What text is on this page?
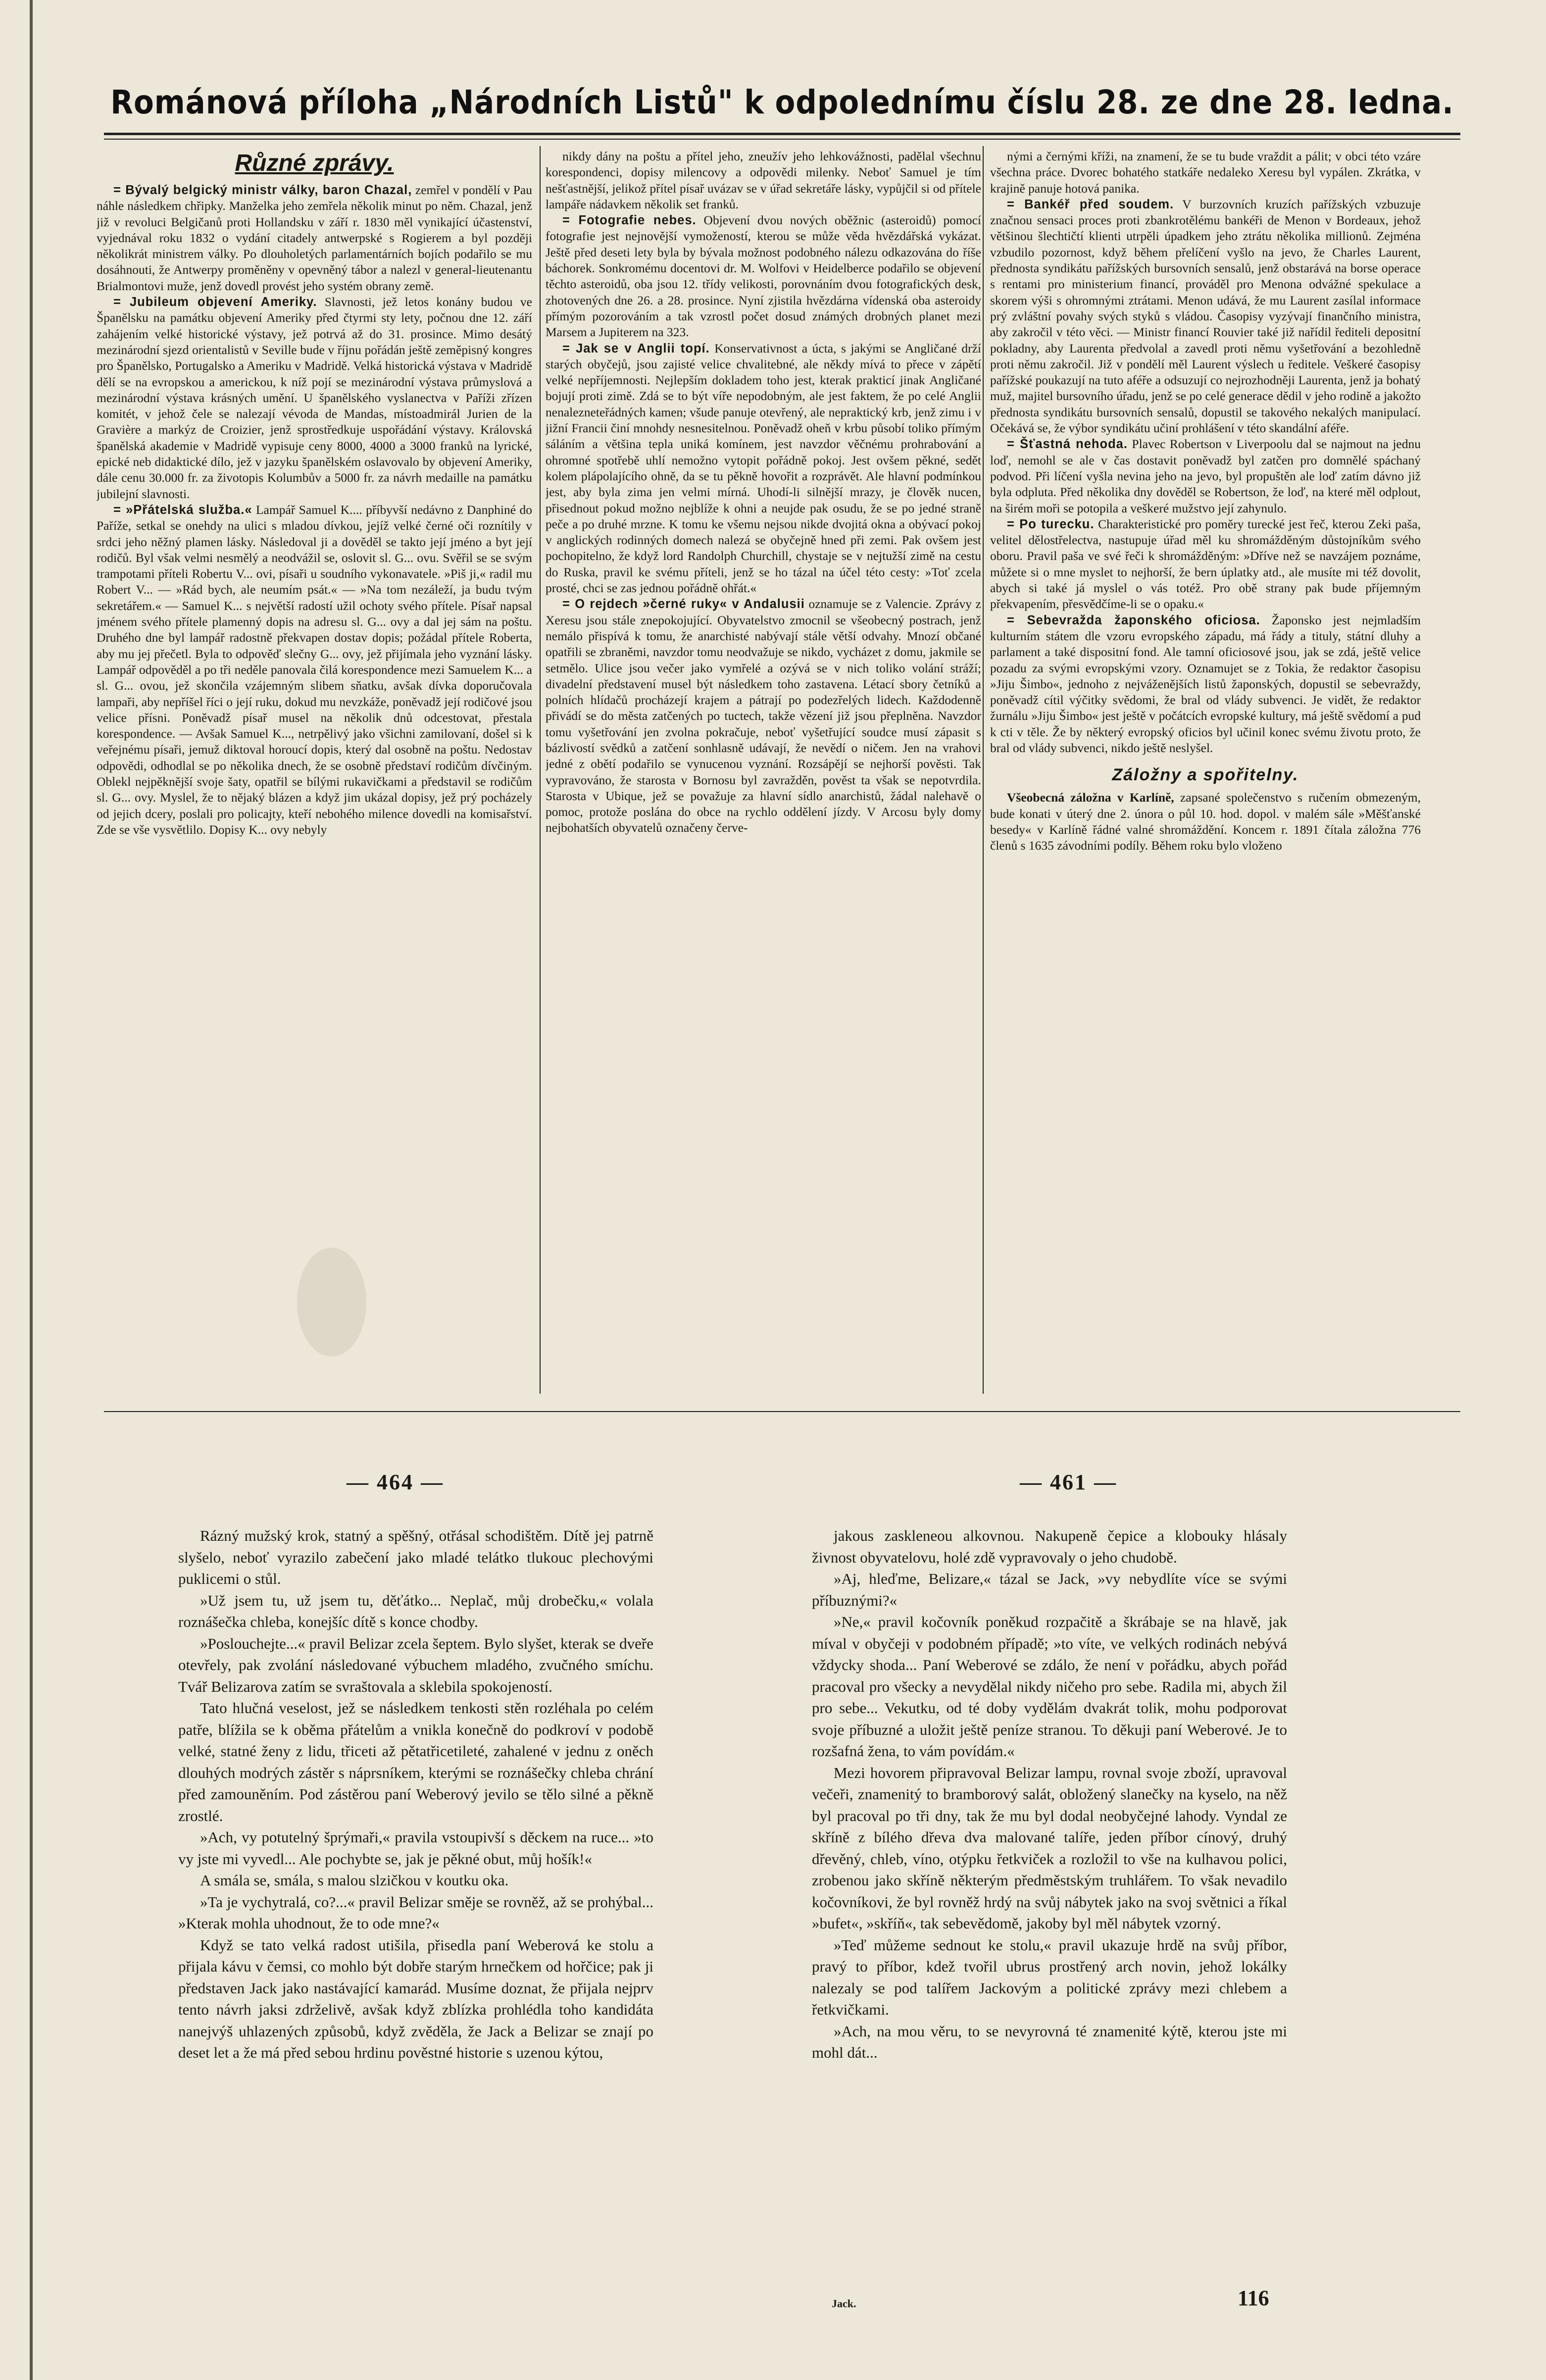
Románová příloha „Národních Listů" k odpolednímu číslu 28. ze dne 28. ledna.
Různé zprávy.

= Bývalý belgický ministr války, baron Chazal, zemřel v pondělí v Pau náhle následkem chřipky. Manželka jeho zemřela několik minut po něm. Chazal, jenž již v revoluci Belgičanů proti Hollandsku v září r. 1830 měl vynikající účastenství, vyjednával roku 1832 o vydání citadely antwerpské s Rogierem a byl později několikrát ministrem války. Po dlouholetých parlamentárních bojích podařilo se mu dosáhnouti, že Antwerpy proměněny v opevněný tábor a nalezl v general-lieutenantu Brialmontovi muže, jenž dovedl provést jeho systém obrany země.

= Jubileum objevení Ameriky. Slavnosti, jež letos konány budou ve Španělsku na památku objevení Ameriky před čtyrmi sty lety, počnou dne 12. září zahájením velké historické výstavy, jež potrvá až do 31. prosince. Mimo desátý mezinárodní sjezd orientalistů v Seville bude v říjnu pořádán ještě zeměpisný kongres pro Španělsko, Portugalsko a Ameriku v Madridě. Velká historická výstava v Madridě dělí se na evropskou a americkou, k níž pojí se mezinárodní výstava průmyslová a mezinárodní výstava krásných umění. U španělského vyslanectva v Paříži zřízen komitét, v jehož čele se nalezají vévoda de Mandas, místoadmirál Jurien de la Gravière a markýz de Croizier, jenž sprostředkuje uspořádání výstavy. Královská španělská akademie v Madridě vypisuje ceny 8000, 4000 a 3000 franků na lyrické, epické neb didaktické dílo, jež v jazyku španělském oslavovalo by objevení Ameriky, dále cenu 30.000 fr. za životopis Kolumbův a 5000 fr. za návrh medaille na památku jubilejní slavnosti.

= »Přátelská služba.« Lampář Samuel K.... příbyvší nedávno z Danphiné do Paříže, setkal se onehdy na ulici s mladou dívkou, jejíž velké černé oči roznítily v srdci jeho něžný plamen lásky. Následoval ji a dověděl se takto její jméno a byt její rodičů. Byl však velmi nesmělý a neodvážil se, oslovit sl. G... ovu. Svěřil se se svým trampotami příteli Robertu V... ovi, písaři u soudního vykonavatele. »Piš ji,« radil mu Robert V... — »Rád bych, ale neumím psát.« — »Na tom nezáleží, ja budu tvým sekretářem.« — Samuel K... s největší radostí užil ochoty svého přítele. Písař napsal jménem svého přítele plamenný dopis na adresu sl. G... ovy a dal jej sám na poštu. Druhého dne byl lampář radostně překvapen dostav dopis; požádal přítele Roberta, aby mu jej přečetl. Byla to odpověď slečny G... ovy, jež přijímala jeho vyznání lásky. Lampář odpověděl a po tři neděle panovala čilá korespondence mezi Samuelem K... a sl. G... ovou, jež skončila vzájemným slibem sňatku, avšak dívka doporučovala lampaři, aby nepříšel říci o její ruku, dokud mu nevzkáže, poněvadž její rodičové jsou velice přísni. Poněvadž písař musel na několik dnů odcestovat, přestala korespondence. — Avšak Samuel K..., netrpělivý jako všichni zamilovaní, došel si k veřejnému písaři, jemuž diktoval horoucí dopis, který dal osobně na poštu. Nedostav odpovědi, odhodlal se po několika dnech, že se osobně představí rodičům dívčiným. Oblekl nejpěknější svoje šaty, opatřil se bílými rukavičkami a představil se rodičům sl. G... ovy. Myslel, že to nějaký blázen a když jim ukázal dopisy, jež prý pocházely od jejich dcery, poslali pro policajty, kteří nebohého milence dovedli na komisařství. Zde se vše vysvětlilo. Dopisy K... ovy nebyly

nikdy dány na poštu a přítel jeho, zneužív jeho lehkovážnosti, padělal všechnu korespondenci, dopisy milencovy a odpovědi milenky. Neboť Samuel je tím nešťastnější, jelikož přítel písař uvázav se v úřad sekretáře lásky, vypůjčil si od přítele lampáře nádavkem několik set franků.

= Fotografie nebes. Objevení dvou nových oběžnic (asteroidů) pomocí fotografie jest nejnovější vymožeností, kterou se může věda hvězdářská vykázat. Ještě před deseti lety byla by bývala možnost podobného nálezu odkazována do říše báchorek. Sonkromému docentovi dr. M. Wolfovi v Heidelberce podařilo se objevení těchto asteroidů, oba jsou 12. třídy velikosti, porovnáním dvou fotografických desk, zhotovených dne 26. a 28. prosince. Nyní zjistila hvězdárna vídenská oba asteroidy přímým pozorováním a tak vzrostl počet dosud známých drobných planet mezi Marsem a Jupiterem na 323.

= Jak se v Anglii topí. Konservativnost a úcta, s jakými se Angličané drží starých obyčejů, jsou zajisté velice chvalitebné, ale někdy mívá to přece v zápětí velké nepříjemnosti. Nejlepším dokladem toho jest, kterak prakticí jinak Angličané bojují proti zimě. Zdá se to být víře nepodobným, ale jest faktem, že po celé Anglii nenalezneteřádných kamen; všude panuje otevřený, ale nepraktický krb, jenž zimu i v jižní Francii činí mnohdy nesnesitelnou. Poněvadž oheň v krbu působí toliko přímým sáláním a většina tepla uniká komínem, jest navzdor věčnému prohrabování a ohromné spotřebě uhlí nemožno vytopit pořádně pokoj. Jest ovšem pěkné, sedět kolem plápolajícího ohně, da se tu pěkně hovořit a rozprávět. Ale hlavní podmínkou jest, aby byla zima jen velmi mírná. Uhodí-li silnější mrazy, je člověk nucen, přisednout pokud možno nejblíže k ohni a neujde pak osudu, že se po jedné straně peče a po druhé mrzne. K tomu ke všemu nejsou nikde dvojitá okna a obývací pokoj v anglických rodinných domech nalezá se obyčejně hned při zemi. Pak ovšem jest pochopitelno, že když lord Randolph Churchill, chystaje se v nejtužší zimě na cestu do Ruska, pravil ke svému příteli, jenž se ho tázal na účel této cesty: »Toť zcela prosté, chci se zas jednou pořádně ohřát.«

= O rejdech »černé ruky« v Andalusii oznamuje se z Valencie. Zprávy z Xeresu jsou stále znepokojující. Obyvatelstvo zmocnil se všeobecný postrach, jenž nemálo přispívá k tomu, že anarchisté nabývají stále větší odvahy. Mnozí občané opatřili se zbraněmi, navzdor tomu neodvažuje se nikdo, vycházet z domu, jakmile se setmělo. Ulice jsou večer jako vymřelé a ozývá se v nich toliko volání stráží; divadelní představení musel být následkem toho zastavena. Létací sbory četníků a polních hlídačů procházejí krajem a pátrají po podezřelých lidech. Každodenně přivádí se do města zatčených po tuctech, takže vězení již jsou přeplněna. Navzdor tomu vyšetřování jen zvolna pokračuje, neboť vyšetřující soudce musí zápasit s bázlivostí svědků a zatčení sonhlasně udávají, že nevědí o ničem. Jen na vrahovi jedné z obětí podařilo se vynucenou vyznání. Rozsápějí se nejhorší pověsti. Tak vypravováno, že starosta v Bornosu byl zavražděn, pověst ta však se nepotvrdila. Starosta v Ubique, jež se považuje za hlavní sídlo anarchistů, žádal nalehavě o pomoc, protože poslána do obce na rychlo oddělení jízdy. V Arcosu byly domy nejbohatších obyvatelů označeny červe-

nými a černými kříži, na znamení, že se tu bude vraždit a pálit; v obci této vzáre všechna práce. Dvorec bohatého statkáře nedaleko Xeresu byl vypálen. Zkrátka, v krajině panuje hotová panika.

= Bankéř před soudem. V burzovních kruzích pařížských vzbuzuje značnou sensaci proces proti zbankrotělému bankéři de Menon v Bordeaux, jehož většinou šlechtičtí klienti utrpěli úpadkem jeho ztrátu několika millionů. Zejména vzbudilo pozornost, když během přelíčení vyšlo na jevo, že Charles Laurent, přednosta syndikátu pařížských bursovních sensalů, jenž obstarává na borse operace s rentami pro ministerium financí, prováděl pro Menona odvážné spekulace a skorem výši s ohromnými ztrátami. Menon udává, že mu Laurent zasílal informace prý zvláštní povahy svých styků s vládou. Časopisy vyzývají finančního ministra, aby zakročil v této věci. — Ministr financí Rouvier také již nařídil řediteli depositní pokladny, aby Laurenta předvolal a zavedl proti němu vyšetřování a bezohledně proti němu zakročil. Již v pondělí měl Laurent výslech u ředitele. Veškeré časopisy pařížské poukazují na tuto aféře a odsuzují co nejrozhodněji Laurenta, jenž ja bohatý muž, majitel bursovního úřadu, jenž se po celé generace dědil v jeho rodině a jakožto přednosta syndikátu bursovních sensalů, dopustil se takového nekalých manipulací. Očekává se, že výbor syndikátu učiní prohlášení v této skandální aféře.

= Šťastná nehoda. Plavec Robertson v Liverpoolu dal se najmout na jednu loď, nemohl se ale v čas dostavit poněvadž byl zatčen pro domnělé spáchaný podvod. Při líčení vyšla nevina jeho na jevo, byl propuštěn ale loď zatím dávno již byla odpluta. Před několika dny dověděl se Robertson, že loď, na které měl odplout, na širém moři se potopila a veškeré mužstvo její zahynulo.

= Po turecku. Charakteristické pro poměry turecké jest řeč, kterou Zeki paša, velitel dělostřelectva, nastupuje úřad měl ku shromážděným důstojníkům svého oboru. Pravil paša ve své řeči k shromážděným: »Dříve než se navzájem poznáme, můžete si o mne myslet to nejhorší, že bern úplatky atd., ale musíte mi též dovolit, abych si také já myslel o vás totéž. Pro obě strany pak bude příjemným překvapením, přesvědčíme-li se o opaku.«

= Sebevražda žaponského oficiosa. Žaponsko jest nejmladším kulturním státem dle vzoru evropského západu, má řády a tituly, státní dluhy a parlament a také dispositní fond. Ale tamní oficiosové jsou, jak se zdá, ještě velice pozadu za svými evropskými vzory. Oznamujet se z Tokia, že redaktor časopisu »Jiju Šimbo«, jednoho z nejváženějších listů žaponských, dopustil se sebevraždy, poněvadž cítil výčitky svědomi, že bral od vlády subvenci. Je vidět, že redaktor žurnálu »Jiju Šimbo« jest ještě v počátcích evropské kultury, má ještě svědomí a pud k cti v těle. Že by některý evropský oficios byl učinil konec svému životu proto, že bral od vlády subvenci, nikdo ještě neslyšel.

Záložny a spořitelny.

Všeobecná záložna v Karlíně, zapsané společenstvo s ručením obmezeným, bude konati v úterý dne 2. února o půl 10. hod. dopol. v malém sále »Měšťanské besedy« v Karlíně řádné valné shromáždění. Koncem r. 1891 čítala záložna 776 členů s 1635 závodními podíly. Během roku bylo vloženo

— 464 —	— 461 —

Rázný mužský krok, statný a spěšný, otřásal schodištěm. Dítě jej patrně slyšelo, neboť vyrazilo zabečení jako mladé telátko tlukouc plechovými puklicemi o stůl.

»Už jsem tu, už jsem tu, děťátko... Neplač, můj drobečku,« volala roznášečka chleba, konejšíc dítě s konce chodby.

»Poslouchejte...« pravil Belizar zcela šeptem. Bylo slyšet, kterak se dveře otevřely, pak zvolání následované výbuchem mladého, zvučného smíchu. Tvář Belizarova zatím se svraštovala a sklebila spokojeností.

Tato hlučná veselost, jež se následkem tenkosti stěn rozléhala po celém patře, blížila se k oběma přátelům a vnikla konečně do podkroví v podobě velké, statné ženy z lidu, třiceti až pětatřicetileté, zahalené v jednu z oněch dlouhých modrých zástěr s náprsníkem, kterými se roznášečky chleba chrání před zamouněním. Pod zástěrou paní Weberový jevilo se tělo silné a pěkně zrostlé.

»Ach, vy potutelný šprýmaři,« pravila vstoupivší s děckem na ruce... »to vy jste mi vyvedl... Ale pochybte se, jak je pěkné obut, můj hošík!«

A smála se, smála, s malou slzičkou v koutku oka.

»Ta je vychytralá, co?...« pravil Belizar směje se rovněž, až se prohýbal... »Kterak mohla uhodnout, že to ode mne?«

Když se tato velká radost utišila, přisedla paní Weberová ke stolu a přijala kávu v čemsi, co mohlo být dobře starým hrnečkem od hořčice; pak ji představen Jack jako nastávající kamarád. Musíme doznat, že přijala nejprv tento návrh jaksi zdrželivě, avšak když zblízka prohlédla toho kandidáta nanejvýš uhlazených způsobů, když zvěděla, že Jack a Belizar se znají po deset let a že má před sebou hrdinu pověstné historie s uzenou kýtou,

jakous zaskleneou alkovnou. Nakupeně čepice a klobouky hlásaly živnost obyvatelovu, holé zdě vypravovaly o jeho chudobě.

»Aj, hleďme, Belizare,« tázal se Jack, »vy nebydlíte více se svými příbuznými?«

»Ne,« pravil kočovník poněkud rozpačitě a škrábaje se na hlavě, jak míval v obyčeji v podobném případě; »to víte, ve velkých rodinách nebývá vždycky shoda... Paní Weberové se zdálo, že není v pořádku, abych pořád pracoval pro všecky a nevydělal nikdy ničeho pro sebe. Radila mi, abych žil pro sebe... Vekutku, od té doby vydělám dvakrát tolik, mohu podporovat svoje příbuzné a uložit ještě peníze stranou. To děkuji paní Weberové. Je to rozšafná žena, to vám povídám.«

Mezi hovorem připravoval Belizar lampu, rovnal svoje zboží, upravoval večeři, znamenitý to bramborový salát, obložený slanečky na kyselo, na něž byl pracoval po tři dny, tak že mu byl dodal neobyčejné lahody. Vyndal ze skříně z bílého dřeva dva malované talíře, jeden příbor cínový, druhý dřevěný, chleb, víno, otýpku řetkviček a rozložil to vše na kulhavou polici, zrobenou jako skříně některým předměstským truhlářem. To však nevadilo kočovníkovi, že byl rovněž hrdý na svůj nábytek jako na svoj světnici a říkal »bufet«, »skříň«, tak sebevědomě, jakoby byl měl nábytek vzorný.

»Teď můžeme sednout ke stolu,« pravil ukazuje hrdě na svůj příbor, pravý to příbor, kdež tvořil ubrus prostřený arch novin, jehož lokálky nalezaly se pod talířem Jackovým a politické zprávy mezi chlebem a řetkvičkami.

»Ach, na mou věru, to se nevyrovná té znamenité kýtě, kterou jste mi mohl dát...

Jack.	116
